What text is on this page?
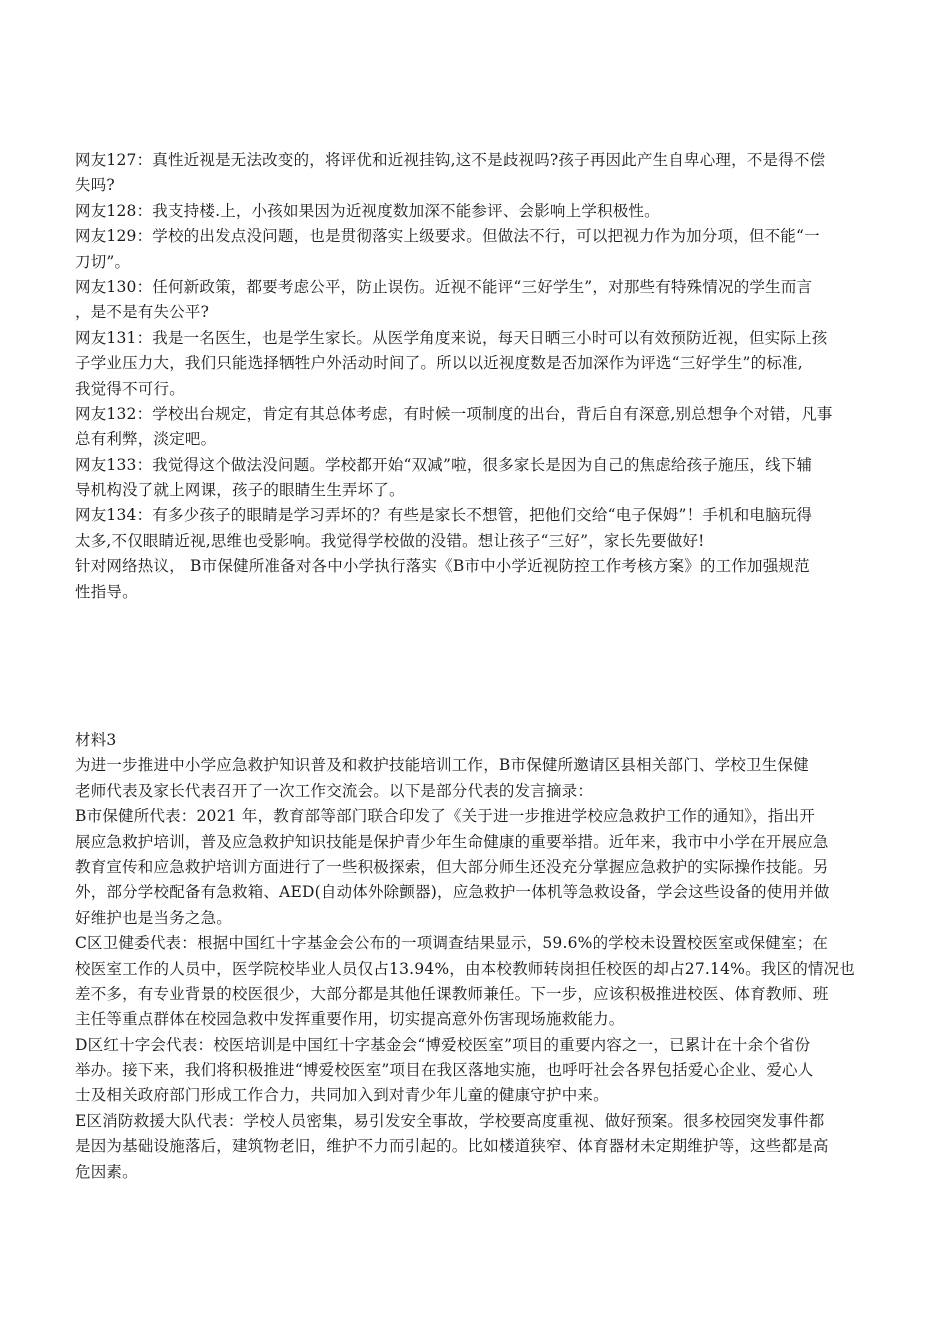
网友127：真性近视是无法改变的，将评优和近视挂钩,这不是歧视吗?孩子再因此产生自卑心理，不是得不偿
失吗?
网友128：我支持楼.上，小孩如果因为近视度数加深不能参评、会影响上学积极性。
网友129：学校的出发点没问题，也是贯彻落实上级要求。但做法不行，可以把视力作为加分项，但不能“一
刀切”。
网友130：任何新政策，都要考虑公平，防止误伤。近视不能评“三好学生”，对那些有特殊情况的学生而言
，是不是有失公平?
网友131：我是一名医生，也是学生家长。从医学角度来说，每天日晒三小时可以有效预防近视，但实际上孩
子学业压力大，我们只能选择牺牲户外活动时间了。所以以近视度数是否加深作为评选“三好学生”的标准,
我觉得不可行。
网友132：学校出台规定，肯定有其总体考虑，有时候一项制度的出台，背后自有深意,别总想争个对错，凡事
总有利弊，淡定吧。
网友133：我觉得这个做法没问题。学校都开始“双减”啦，很多家长是因为自己的焦虑给孩子施压，线下辅
导机构没了就上网课，孩子的眼睛生生弄坏了。
网友134：有多少孩子的眼睛是学习弄坏的？有些是家长不想管，把他们交给“电子保姆”！手机和电脑玩得
太多,不仅眼睛近视,思维也受影响。我觉得学校做的没错。想让孩子“三好”，家长先要做好!
针对网络热议， B市保健所准备对各中小学执行落实《B市中小学近视防控工作考核方案》的工作加强规范
性指导。
材料3
为进一步推进中小学应急救护知识普及和救护技能培训工作，B市保健所邀请区县相关部门、学校卫生保健
老师代表及家长代表召开了一次工作交流会。以下是部分代表的发言摘录：
B市保健所代表：2021 年，教育部等部门联合印发了《关于进一步推进学校应急救护工作的通知》，指出开
展应急救护培训，普及应急救护知识技能是保护青少年生命健康的重要举措。近年来，我市中小学在开展应急
教育宣传和应急救护培训方面进行了一些积极探索，但大部分师生还没充分掌握应急救护的实际操作技能。另
外，部分学校配备有急救箱、AED(自动体外除颤器)，应急救护一体机等急救设备，学会这些设备的使用并做
好维护也是当务之急。
C区卫健委代表：根据中国红十字基金会公布的一项调查结果显示，59.6%的学校未设置校医室或保健室；在
校医室工作的人员中，医学院校毕业人员仅占13.94%，由本校教师转岗担任校医的却占27.14%。我区的情况也
差不多，有专业背景的校医很少，大部分都是其他任课教师兼任。下一步，应该积极推进校医、体育教师、班
主任等重点群体在校园急救中发挥重要作用，切实提高意外伤害现场施救能力。
D区红十字会代表：校医培训是中国红十字基金会“博爱校医室”项目的重要内容之一，已累计在十余个省份
举办。接下来，我们将积极推进“博爱校医室”项目在我区落地实施，也呼吁社会各界包括爱心企业、爱心人
士及相关政府部门形成工作合力，共同加入到对青少年儿童的健康守护中来。
E区消防救援大队代表：学校人员密集，易引发安全事故，学校要高度重视、做好预案。很多校园突发事件都
是因为基础设施落后，建筑物老旧，维护不力而引起的。比如楼道狭窄、体育器材未定期维护等，这些都是高
危因素。
